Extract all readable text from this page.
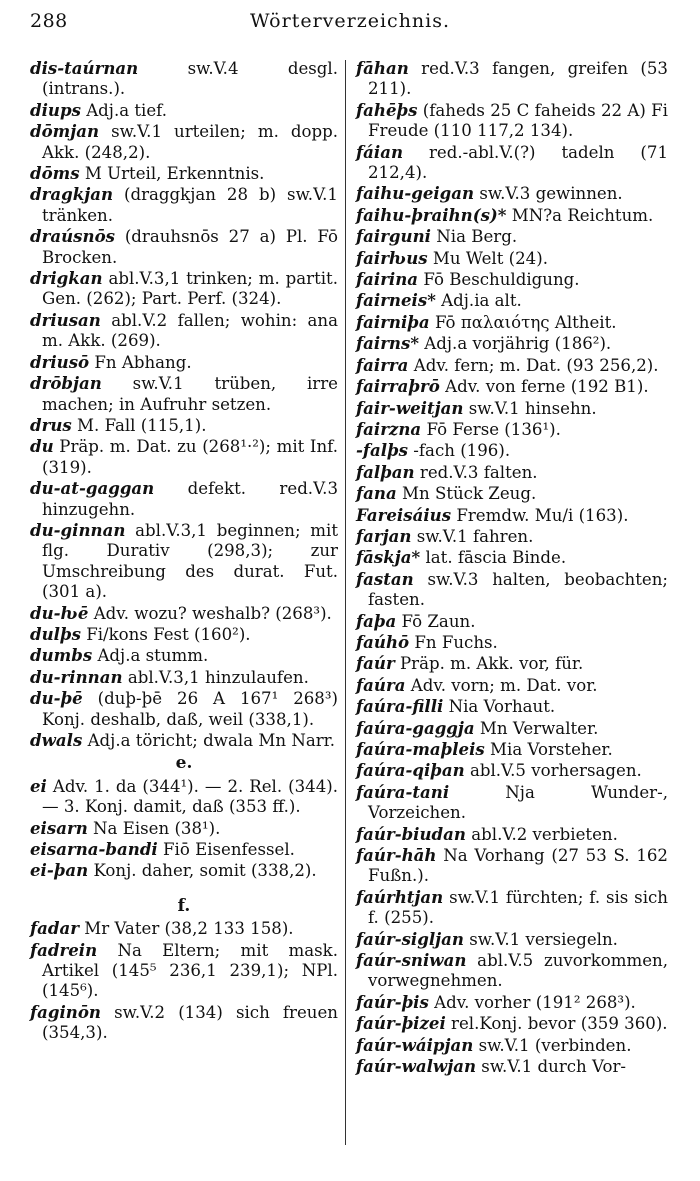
288	Wörterverzeichnis.

dis-taúrnan sw.V.4 desgl. (intrans.).

diups Adj.a tief.

dōmjan sw.V.1 urteilen; m. dopp. Akk. (248,2).

dōms M Urteil, Erkenntnis.

dragkjan (draggkjan 28 b) sw.V.1 tränken.

draúsnōs (drauhsnōs 27 a) Pl. Fō Brocken.

drigkan abl.V.3,1 trinken; m. partit. Gen. (262); Part. Perf. (324).

driusan abl.V.2 fallen; wohin: ana m. Akk. (269).

driusō Fn Abhang.

drōbjan sw.V.1 trüben, irre machen; in Aufruhr setzen.

drus M. Fall (115,1).

du Präp. m. Dat. zu (268¹·²); mit Inf. (319).

du-at-gaggan defekt. red.V.3 hinzugehn.

du-ginnan abl.V.3,1 beginnen; mit flg. Durativ (298,3); zur Umschreibung des durat. Fut. (301 a).

du-ƕē Adv. wozu? weshalb? (268³).

dulþs Fi/kons Fest (160²).

dumbs Adj.a stumm.

du-rinnan abl.V.3,1 hinzulaufen.

du-þē (duþ-þē 26 A 167¹ 268³) Konj. deshalb, daß, weil (338,1).

dwals Adj.a töricht; dwala Mn Narr.

e.

ei Adv. 1. da (344¹). — 2. Rel. (344). — 3. Konj. damit, daß (353 ff.).

eisarn Na Eisen (38¹).

eisarna-bandi Fiō Eisenfessel.

ei-þan Konj. daher, somit (338,2).

f.

fadar Mr Vater (38,2 133 158).

fadrein Na Eltern; mit mask. Artikel (145⁵ 236,1 239,1); NPl. (145⁶).

faginōn sw.V.2 (134) sich freuen (354,3).

fāhan red.V.3 fangen, greifen (53 211).

fahēþs (faheds 25 C faheids 22 A) Fi Freude (110 117,2 134).

fáian red.-abl.V.(?) tadeln (71 212,4).

faihu-geigan sw.V.3 gewinnen.

faihu-þraihn(s)* MN?a Reichtum.

fairguni Nia Berg.

fairƕus Mu Welt (24).

fairina Fō Beschuldigung.

fairneis* Adj.ia alt.

fairniþa Fō παλαιότης Altheit.

fairns* Adj.a vorjährig (186²).

fairra Adv. fern; m. Dat. (93 256,2).

fairraþrō Adv. von ferne (192 B1).

fair-weitjan sw.V.1 hinsehn.

fairzna Fō Ferse (136¹).

-falþs -fach (196).

falþan red.V.3 falten.

fana Mn Stück Zeug.

Fareisáius Fremdw. Mu/i (163).

farjan sw.V.1 fahren.

fāskja* lat. fāscia Binde.

fastan sw.V.3 halten, beobachten; fasten.

faþa Fō Zaun.

faúhō Fn Fuchs.

faúr Präp. m. Akk. vor, für.

faúra Adv. vorn; m. Dat. vor.

faúra-filli Nia Vorhaut.

faúra-gaggja Mn Verwalter.

faúra-maþleis Mia Vorsteher.

faúra-qiþan abl.V.5 vorhersagen.

faúra-tani Nja Wunder-, Vorzeichen.

faúr-biudan abl.V.2 verbieten.

faúr-hāh Na Vorhang (27 53 S. 162 Fußn.).

faúrhtjan sw.V.1 fürchten; f. sis sich f. (255).

faúr-sigljan sw.V.1 versiegeln.

faúr-sniwan abl.V.5 zuvorkommen, vorwegnehmen.

faúr-þis Adv. vorher (191² 268³).

faúr-þizei rel.Konj. bevor (359 360).

faúr-wáipjan sw.V.1 (verbinden.

faúr-walwjan sw.V.1 durch Vor-
